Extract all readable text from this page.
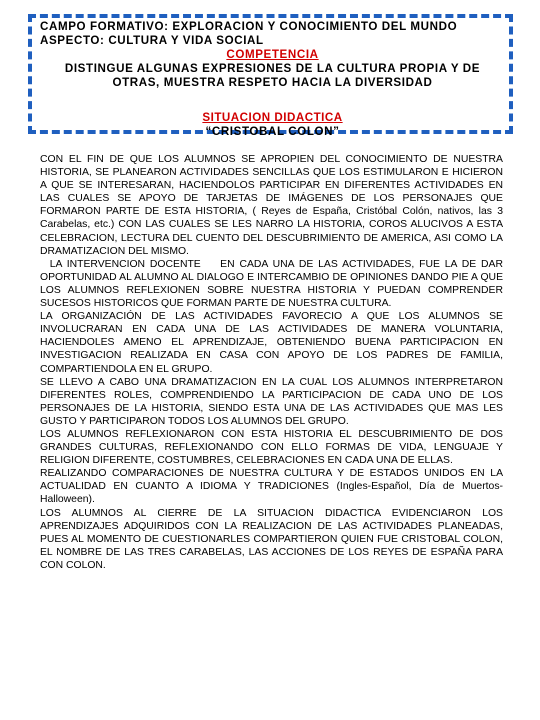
CAMPO FORMATIVO: EXPLORACION Y CONOCIMIENTO DEL MUNDO
ASPECTO: CULTURA Y VIDA SOCIAL
COMPETENCIA
DISTINGUE ALGUNAS EXPRESIONES DE LA CULTURA PROPIA Y DE
OTRAS, MUESTRA RESPETO HACIA LA DIVERSIDAD
SITUACION DIDACTICA
“CRISTOBAL COLON”

CON EL FIN DE QUE LOS ALUMNOS SE APROPIEN DEL CONOCIMIENTO DE NUESTRA HISTORIA, SE PLANEARON ACTIVIDADES SENCILLAS QUE LOS ESTIMULARON E HICIERON A QUE SE INTERESARAN, HACIENDOLOS PARTICIPAR EN DIFERENTES ACTIVIDADES EN LAS CUALES SE APOYO DE TARJETAS DE IMÁGENES DE LOS PERSONAJES QUE FORMARON PARTE DE ESTA HISTORIA, ( Reyes de España, Cristóbal Colón, nativos, las 3 Carabelas, etc.) CON LAS CUALES SE LES NARRO LA HISTORIA, COROS ALUCIVOS A ESTA CELEBRACION, LECTURA DEL CUENTO DEL DESCUBRIMIENTO DE AMERICA, ASI COMO LA DRAMATIZACION DEL MISMO.

LA INTERVENCION DOCENTE    EN CADA UNA DE LAS ACTIVIDADES, FUE LA DE DAR OPORTUNIDAD AL ALUMNO AL DIALOGO E INTERCAMBIO DE OPINIONES DANDO PIE A QUE LOS ALUMNOS REFLEXIONEN SOBRE NUESTRA HISTORIA Y PUEDAN COMPRENDER SUCESOS HISTORICOS QUE FORMAN PARTE DE NUESTRA CULTURA.

LA ORGANIZACIÓN DE LAS ACTIVIDADES FAVORECIO A QUE LOS ALUMNOS SE INVOLUCRARAN EN CADA UNA DE LAS ACTIVIDADES DE MANERA VOLUNTARIA, HACIENDOLES AMENO EL APRENDIZAJE, OBTENIENDO BUENA PARTICIPACION EN INVESTIGACION REALIZADA EN CASA CON APOYO DE LOS PADRES DE FAMILIA, COMPARTIENDOLA EN EL GRUPO.

SE LLEVO A CABO UNA DRAMATIZACION EN LA CUAL LOS ALUMNOS INTERPRETARON DIFERENTES ROLES, COMPRENDIENDO LA PARTICIPACION DE CADA UNO DE LOS PERSONAJES DE LA HISTORIA, SIENDO ESTA UNA DE LAS ACTIVIDADES QUE MAS LES GUSTO Y PARTICIPARON TODOS LOS ALUMNOS DEL GRUPO.

LOS ALUMNOS REFLEXIONARON CON ESTA HISTORIA EL DESCUBRIMIENTO DE DOS GRANDES CULTURAS, REFLEXIONANDO CON ELLO FORMAS DE VIDA, LENGUAJE Y RELIGION DIFERENTE, COSTUMBRES, CELEBRACIONES EN CADA UNA DE ELLAS.

REALIZANDO COMPARACIONES DE NUESTRA CULTURA Y DE ESTADOS UNIDOS EN LA ACTUALIDAD EN CUANTO A IDIOMA Y TRADICIONES (Ingles-Español, Día de Muertos-Halloween).

LOS ALUMNOS AL CIERRE DE LA SITUACION DIDACTICA EVIDENCIARON LOS APRENDIZAJES ADQUIRIDOS CON LA REALIZACION DE LAS ACTIVIDADES PLANEADAS, PUES AL MOMENTO DE CUESTIONARLES COMPARTIERON QUIEN FUE CRISTOBAL COLON, EL NOMBRE DE LAS TRES CARABELAS, LAS ACCIONES DE LOS REYES DE ESPAÑA PARA CON COLON.
